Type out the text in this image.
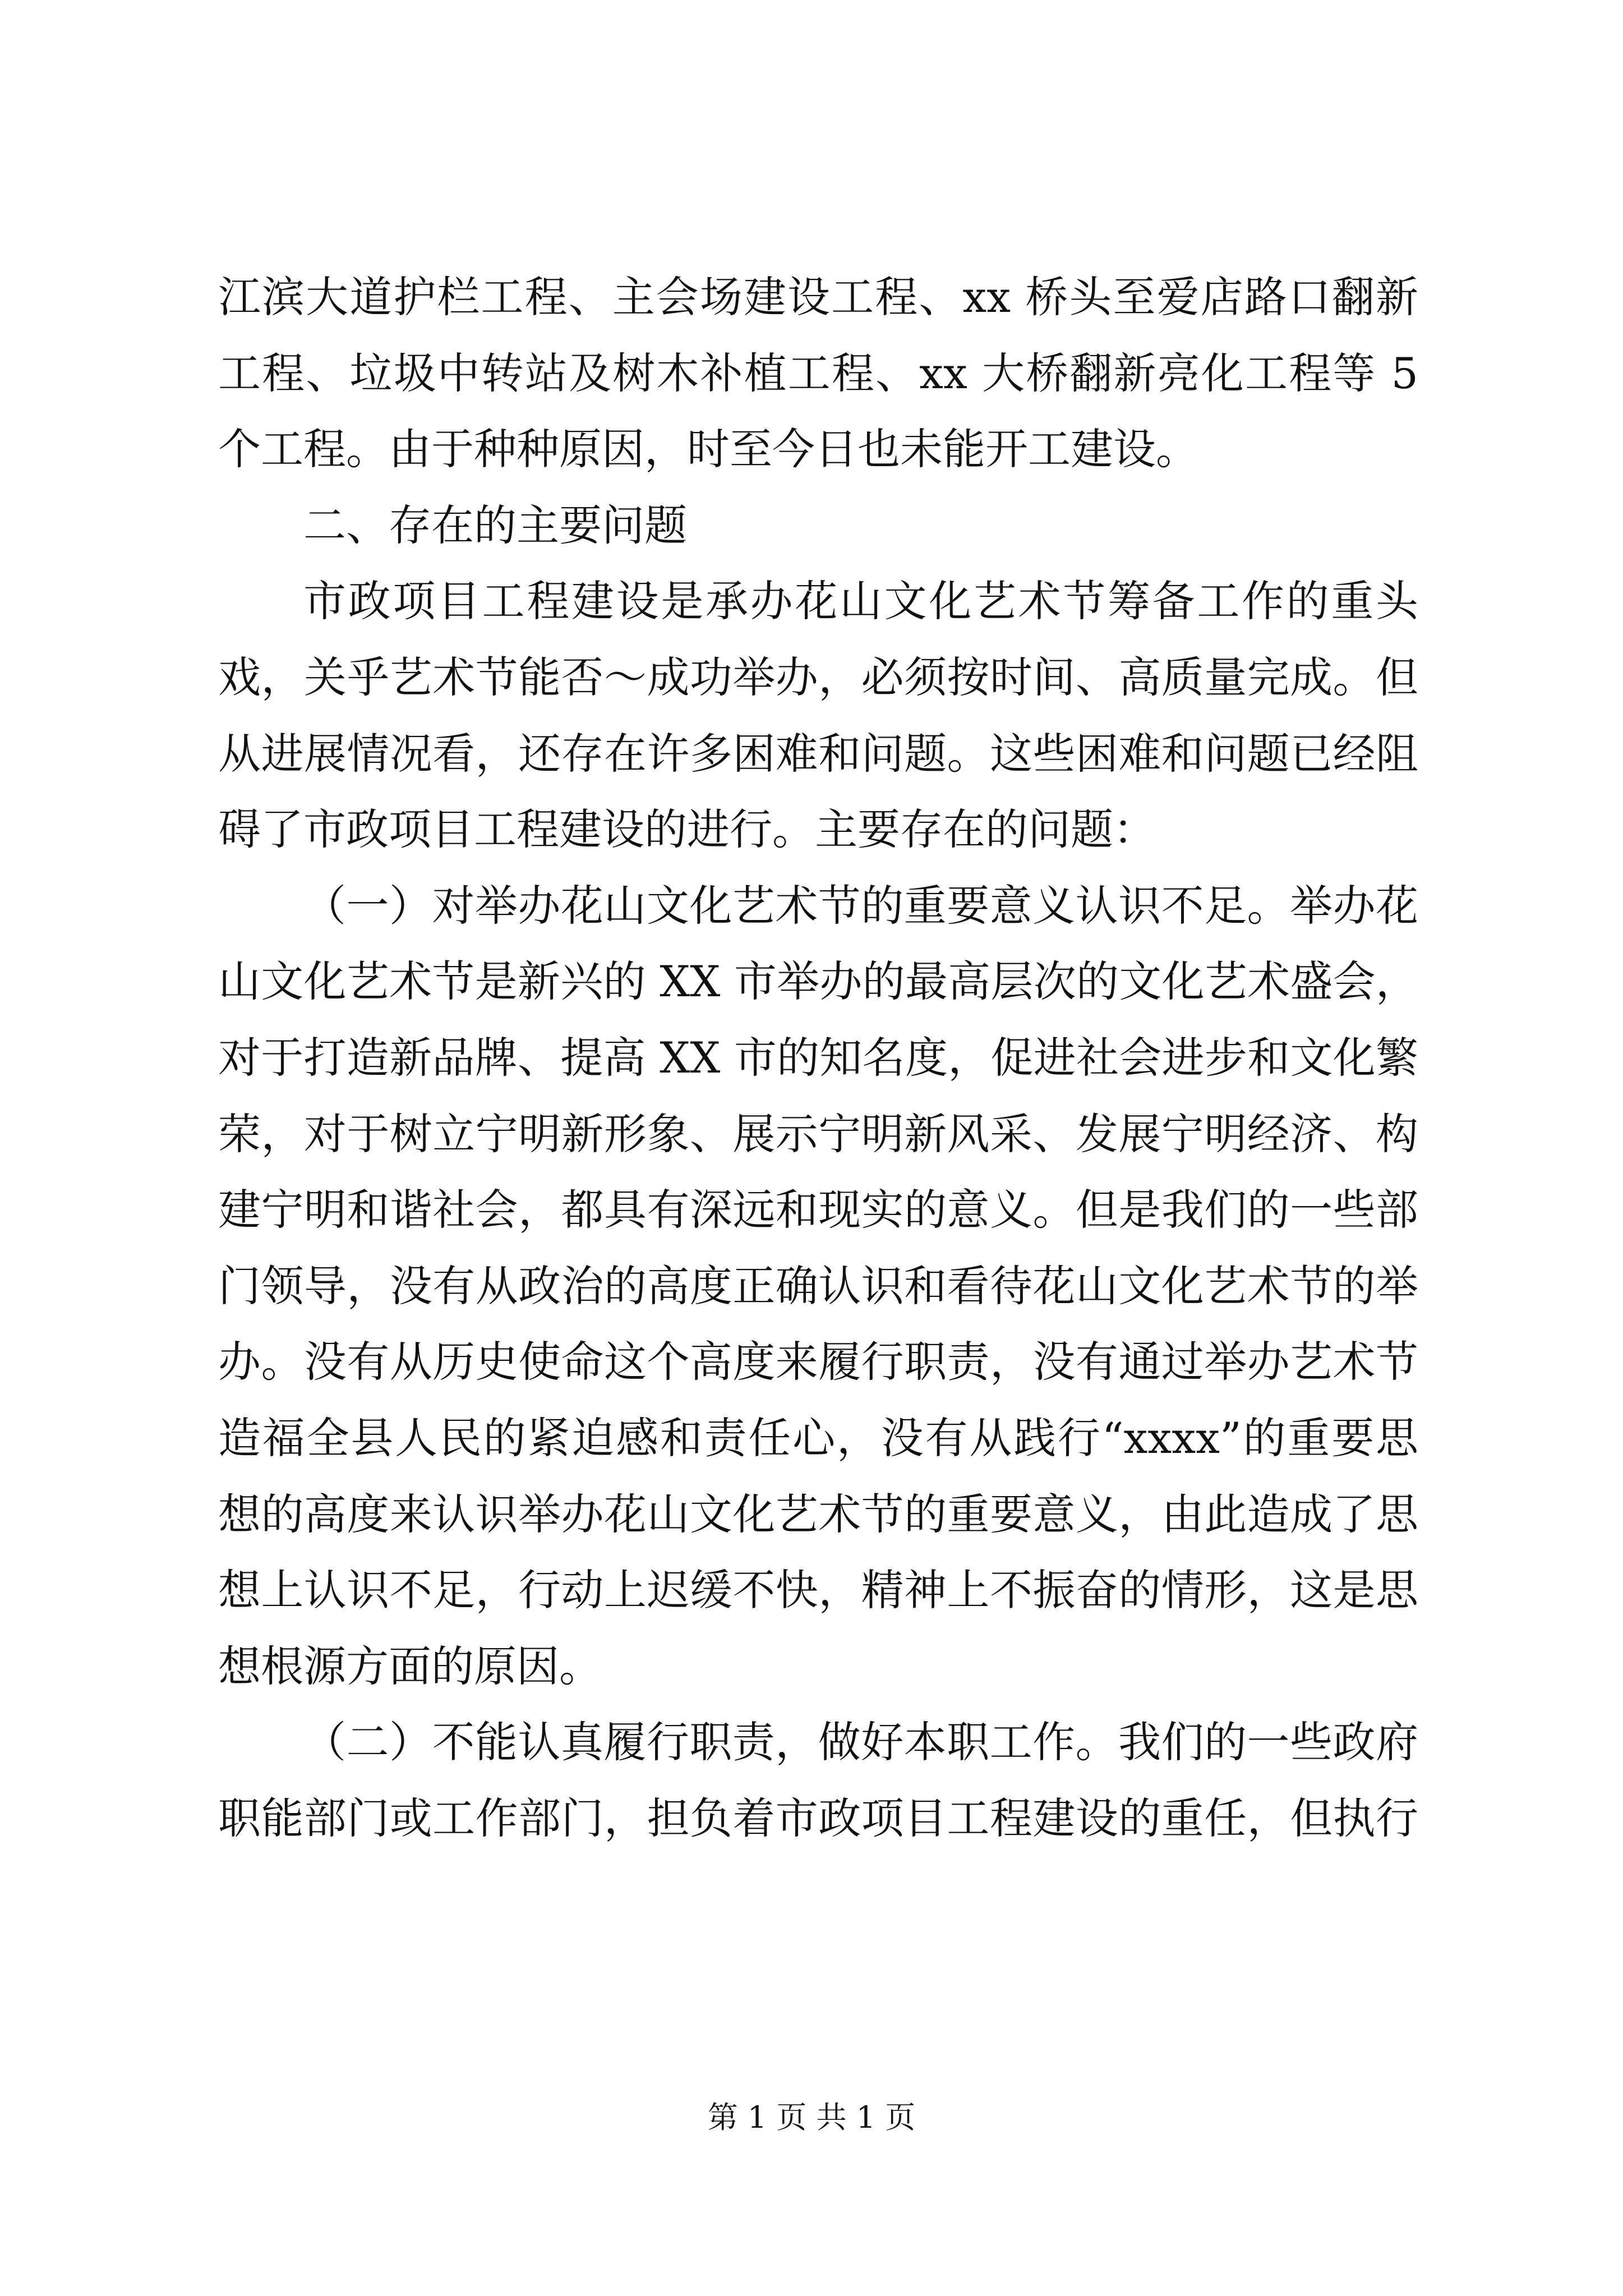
江滨大道护栏工程、主会场建设工程、xx 桥头至爱店路口翻新
工程、垃圾中转站及树木补植工程、xx 大桥翻新亮化工程等 5
个工程。由于种种原因，时至今日也未能开工建设。
二、存在的主要问题
市政项目工程建设是承办花山文化艺术节筹备工作的重头
戏，关乎艺术节能否～成功举办，必须按时间、高质量完成。但
从进展情况看，还存在许多困难和问题。这些困难和问题已经阻
碍了市政项目工程建设的进行。主要存在的问题：
（一）对举办花山文化艺术节的重要意义认识不足。举办花
山文化艺术节是新兴的 XX 市举办的最高层次的文化艺术盛会，
对于打造新品牌、提高 XX 市的知名度，促进社会进步和文化繁
荣，对于树立宁明新形象、展示宁明新风采、发展宁明经济、构
建宁明和谐社会，都具有深远和现实的意义。但是我们的一些部
门领导，没有从政治的高度正确认识和看待花山文化艺术节的举
办。没有从历史使命这个高度来履行职责，没有通过举办艺术节
造福全县人民的紧迫感和责任心，没有从践行“xxxx”的重要思
想的高度来认识举办花山文化艺术节的重要意义，由此造成了思
想上认识不足，行动上迟缓不快，精神上不振奋的情形，这是思
想根源方面的原因。
（二）不能认真履行职责，做好本职工作。我们的一些政府
职能部门或工作部门，担负着市政项目工程建设的重任，但执行
第 1 页 共 1 页
